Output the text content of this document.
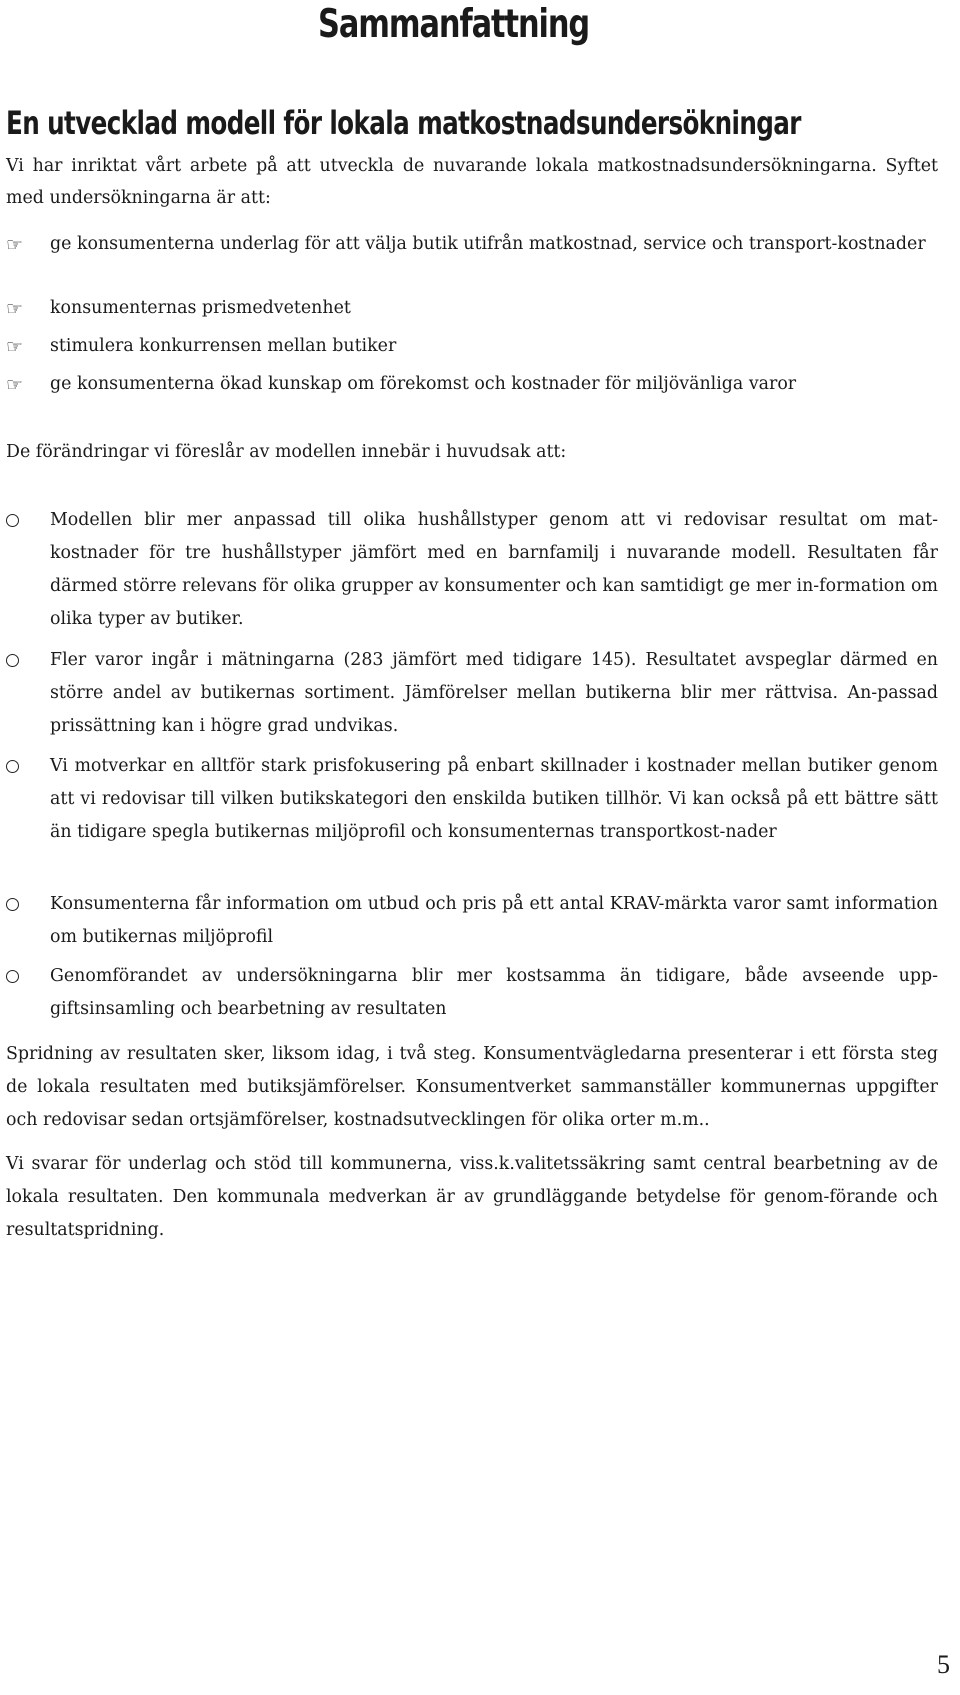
Sammanfattning
En utvecklad modell för lokala matkostnadsundersökningar

Vi har inriktat vårt arbete på att utveckla de nuvarande lokala matkostnadsundersökningarna. Syftet med undersökningarna är att:

☞ ge konsumenterna underlag för att välja butik utifrån matkostnad, service och transport-kostnader
☞ konsumenternas prismedvetenhet
☞ stimulera konkurrensen mellan butiker
☞ ge konsumenterna ökad kunskap om förekomst och kostnader för miljövänliga varor

De förändringar vi föreslår av modellen innebär i huvudsak att:

Modellen blir mer anpassad till olika hushållstyper genom att vi redovisar resultat om mat-kostnader för tre hushållstyper jämfört med en barnfamilj i nuvarande modell. Resultaten får därmed större relevans för olika grupper av konsumenter och kan samtidigt ge mer in-formation om olika typer av butiker.

Fler varor ingår i mätningarna (283 jämfört med tidigare 145). Resultatet avspeglar därmed en större andel av butikernas sortiment. Jämförelser mellan butikerna blir mer rättvisa. An-passad prissättning kan i högre grad undvikas.

Vi motverkar en alltför stark prisfokusering på enbart skillnader i kostnader mellan butiker genom att vi redovisar till vilken butikskategori den enskilda butiken tillhör. Vi kan också på ett bättre sätt än tidigare spegla butikernas miljöprofil och konsumenternas transportkost-nader

Konsumenterna får information om utbud och pris på ett antal KRAV-märkta varor samt information om butikernas miljöprofil

Genomförandet av undersökningarna blir mer kostsamma än tidigare, både avseende upp-giftsinsamling och bearbetning av resultaten

Spridning av resultaten sker, liksom idag, i två steg. Konsumentvägledarna presenterar i ett första steg de lokala resultaten med butiksjämförelser. Konsumentverket sammanställer kommunernas uppgifter och redovisar sedan ortsjämförelser, kostnadsutvecklingen för olika orter m.m..

Vi svarar för underlag och stöd till kommunerna, viss.k.valitetssäkring samt central bearbetning av de lokala resultaten. Den kommunala medverkan är av grundläggande betydelse för genom-förande och resultatspridning.

5
